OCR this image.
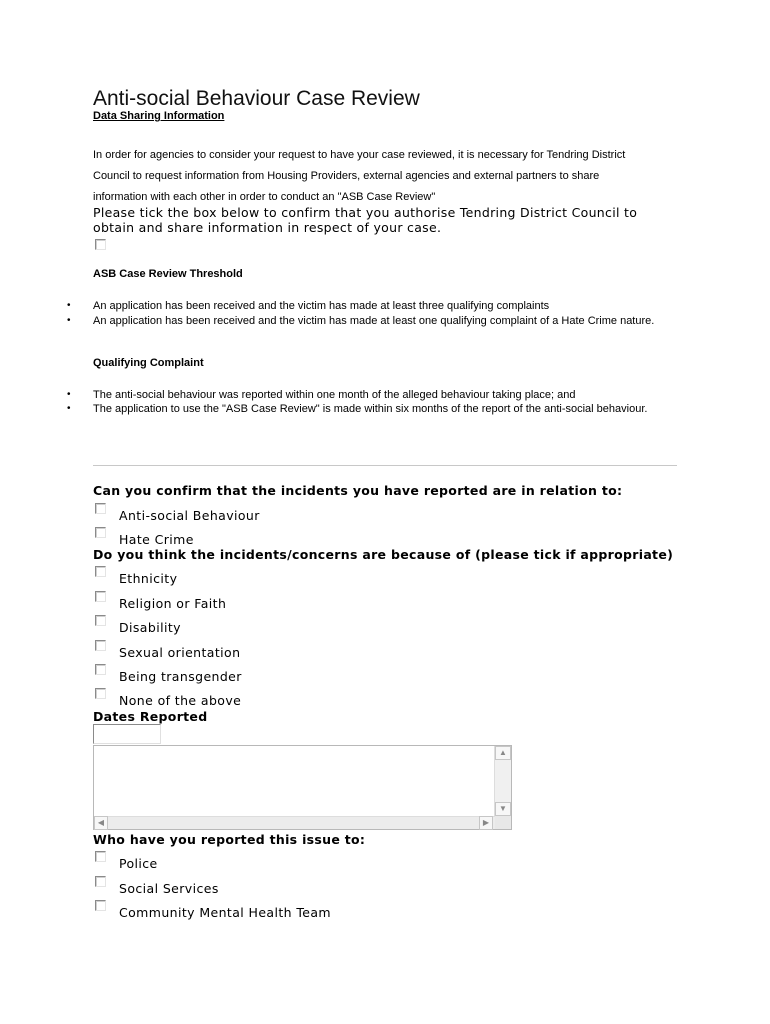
Anti-social Behaviour Case Review
Data Sharing Information
In order for agencies to consider your request to have your case reviewed, it is necessary for Tendring District
Council to request information from Housing Providers, external agencies and external partners to share
information with each other in order to conduct an "ASB Case Review"
Please tick the box below to confirm that you authorise Tendring District Council to
obtain and share information in respect of your case.
ASB Case Review Threshold
• An application has been received and the victim has made at least three qualifying complaints
• An application has been received and the victim has made at least one qualifying complaint of a Hate Crime nature.
Qualifying Complaint
• The anti-social behaviour was reported within one month of the alleged behaviour taking place; and
• The application to use the "ASB Case Review" is made within six months of the report of the anti-social behaviour.
Can you confirm that the incidents you have reported are in relation to:
Anti-social Behaviour
Hate Crime
Do you think the incidents/concerns are because of (please tick if appropriate)
Ethnicity
Religion or Faith
Disability
Sexual orientation
Being transgender
None of the above
Dates Reported
▲
▼
◀	▶
Who have you reported this issue to:
Police
Social Services
Community Mental Health Team
